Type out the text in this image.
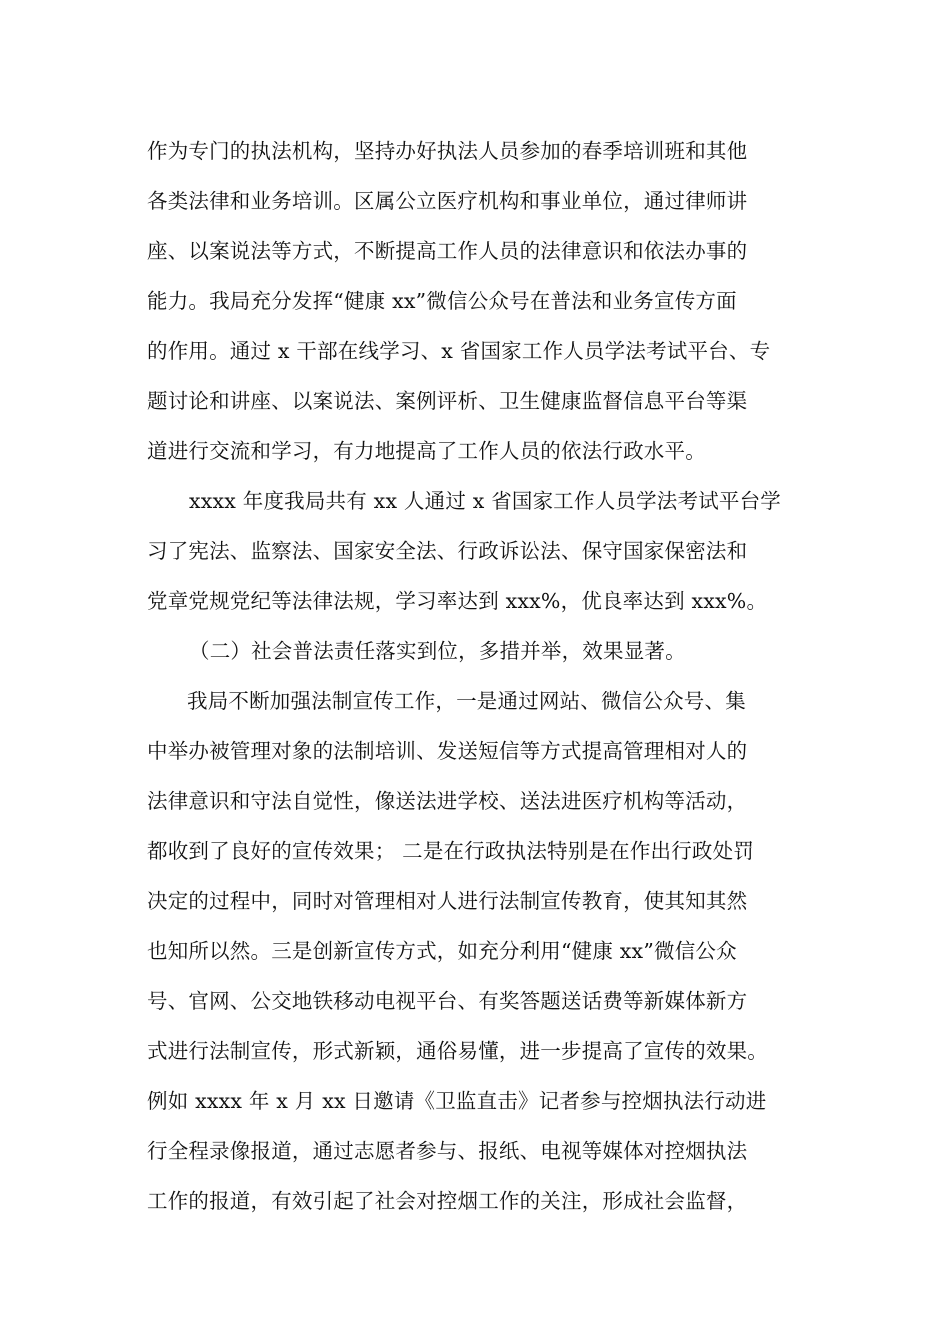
作为专门的执法机构，坚持办好执法人员参加的春季培训班和其他
各类法律和业务培训。区属公立医疗机构和事业单位，通过律师讲
座、以案说法等方式，不断提高工作人员的法律意识和依法办事的
能力。我局充分发挥“健康 xx”微信公众号在普法和业务宣传方面
的作用。通过 x 干部在线学习、x 省国家工作人员学法考试平台、专
题讨论和讲座、以案说法、案例评析、卫生健康监督信息平台等渠
道进行交流和学习，有力地提高了工作人员的依法行政水平。
xxxx 年度我局共有 xx 人通过 x 省国家工作人员学法考试平台学
习了宪法、监察法、国家安全法、行政诉讼法、保守国家保密法和
党章党规党纪等法律法规，学习率达到 xxx%，优良率达到 xxx%。
（二）社会普法责任落实到位，多措并举，效果显著。
我局不断加强法制宣传工作，一是通过网站、微信公众号、集
中举办被管理对象的法制培训、发送短信等方式提高管理相对人的
法律意识和守法自觉性，像送法进学校、送法进医疗机构等活动，
都收到了良好的宣传效果； 二是在行政执法特别是在作出行政处罚
决定的过程中，同时对管理相对人进行法制宣传教育，使其知其然
也知所以然。三是创新宣传方式，如充分利用“健康 xx”微信公众
号、官网、公交地铁移动电视平台、有奖答题送话费等新媒体新方
式进行法制宣传，形式新颖，通俗易懂，进一步提高了宣传的效果。
例如 xxxx 年 x 月 xx 日邀请《卫监直击》记者参与控烟执法行动进
行全程录像报道，通过志愿者参与、报纸、电视等媒体对控烟执法
工作的报道，有效引起了社会对控烟工作的关注，形成社会监督，
